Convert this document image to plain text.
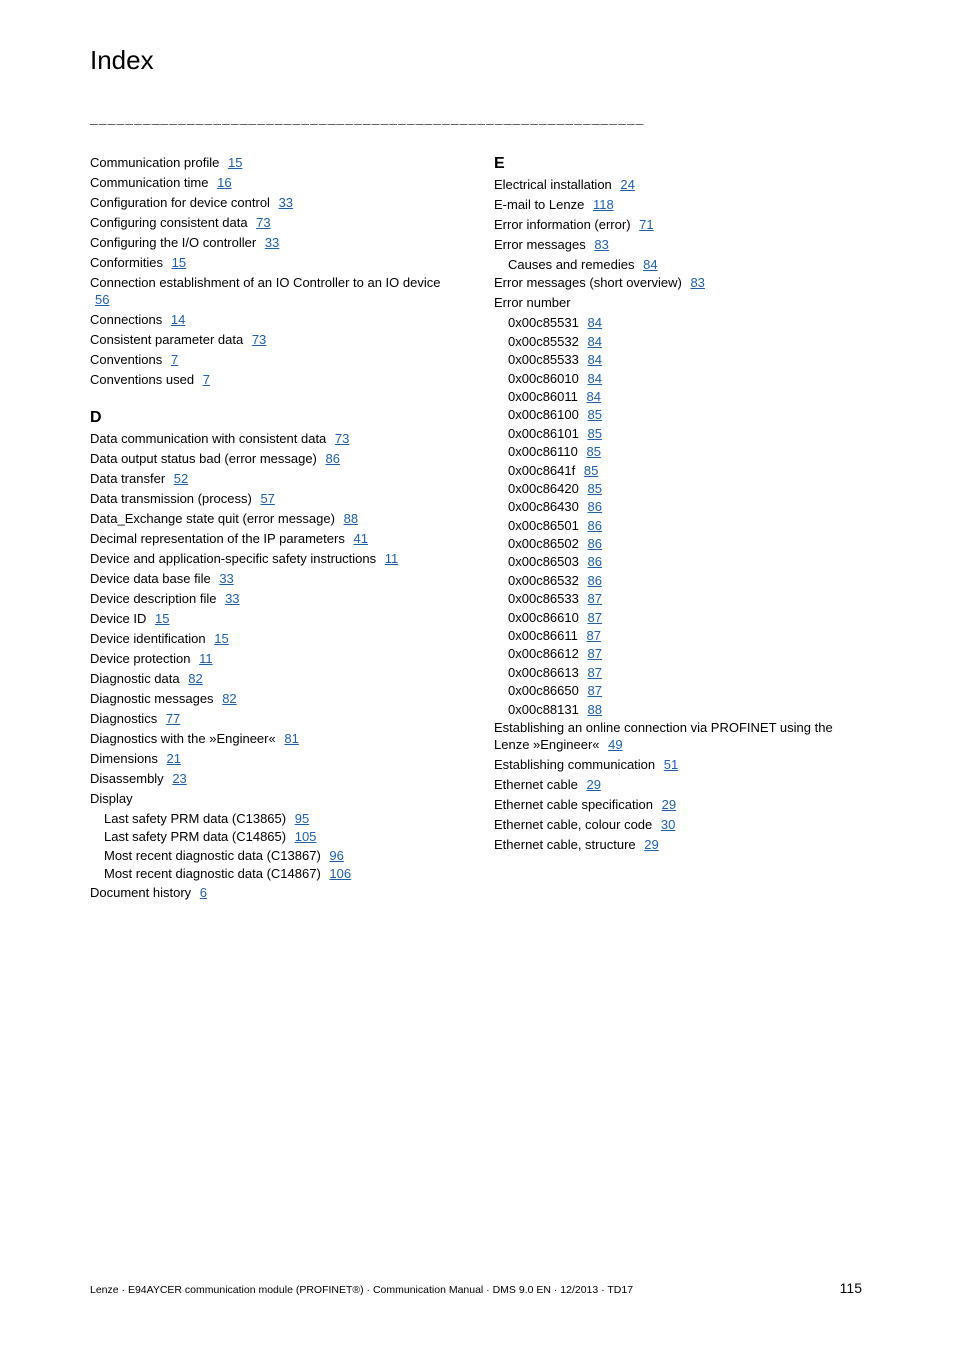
Index
_______________________________________________________________
Communication profile 15
Communication time 16
Configuration for device control 33
Configuring consistent data 73
Configuring the I/O controller 33
Conformities 15
Connection establishment of an IO Controller to an IO device 56
Connections 14
Consistent parameter data 73
Conventions 7
Conventions used 7
D
Data communication with consistent data 73
Data output status bad (error message) 86
Data transfer 52
Data transmission (process) 57
Data_Exchange state quit (error message) 88
Decimal representation of the IP parameters 41
Device and application-specific safety instructions 11
Device data base file 33
Device description file 33
Device ID 15
Device identification 15
Device protection 11
Diagnostic data 82
Diagnostic messages 82
Diagnostics 77
Diagnostics with the »Engineer« 81
Dimensions 21
Disassembly 23
Display
Last safety PRM data (C13865) 95
Last safety PRM data (C14865) 105
Most recent diagnostic data (C13867) 96
Most recent diagnostic data (C14867) 106
Document history 6
E
Electrical installation 24
E-mail to Lenze 118
Error information (error) 71
Error messages 83
Causes and remedies 84
Error messages (short overview) 83
Error number
0x00c85531 84
0x00c85532 84
0x00c85533 84
0x00c86010 84
0x00c86011 84
0x00c86100 85
0x00c86101 85
0x00c86110 85
0x00c8641f 85
0x00c86420 85
0x00c86430 86
0x00c86501 86
0x00c86502 86
0x00c86503 86
0x00c86532 86
0x00c86533 87
0x00c86610 87
0x00c86611 87
0x00c86612 87
0x00c86613 87
0x00c86650 87
0x00c88131 88
Establishing an online connection via PROFINET using the Lenze »Engineer« 49
Establishing communication 51
Ethernet cable 29
Ethernet cable specification 29
Ethernet cable, colour code 30
Ethernet cable, structure 29
Lenze · E94AYCER communication module (PROFINET®) · Communication Manual · DMS 9.0 EN · 12/2013 · TD17	115
